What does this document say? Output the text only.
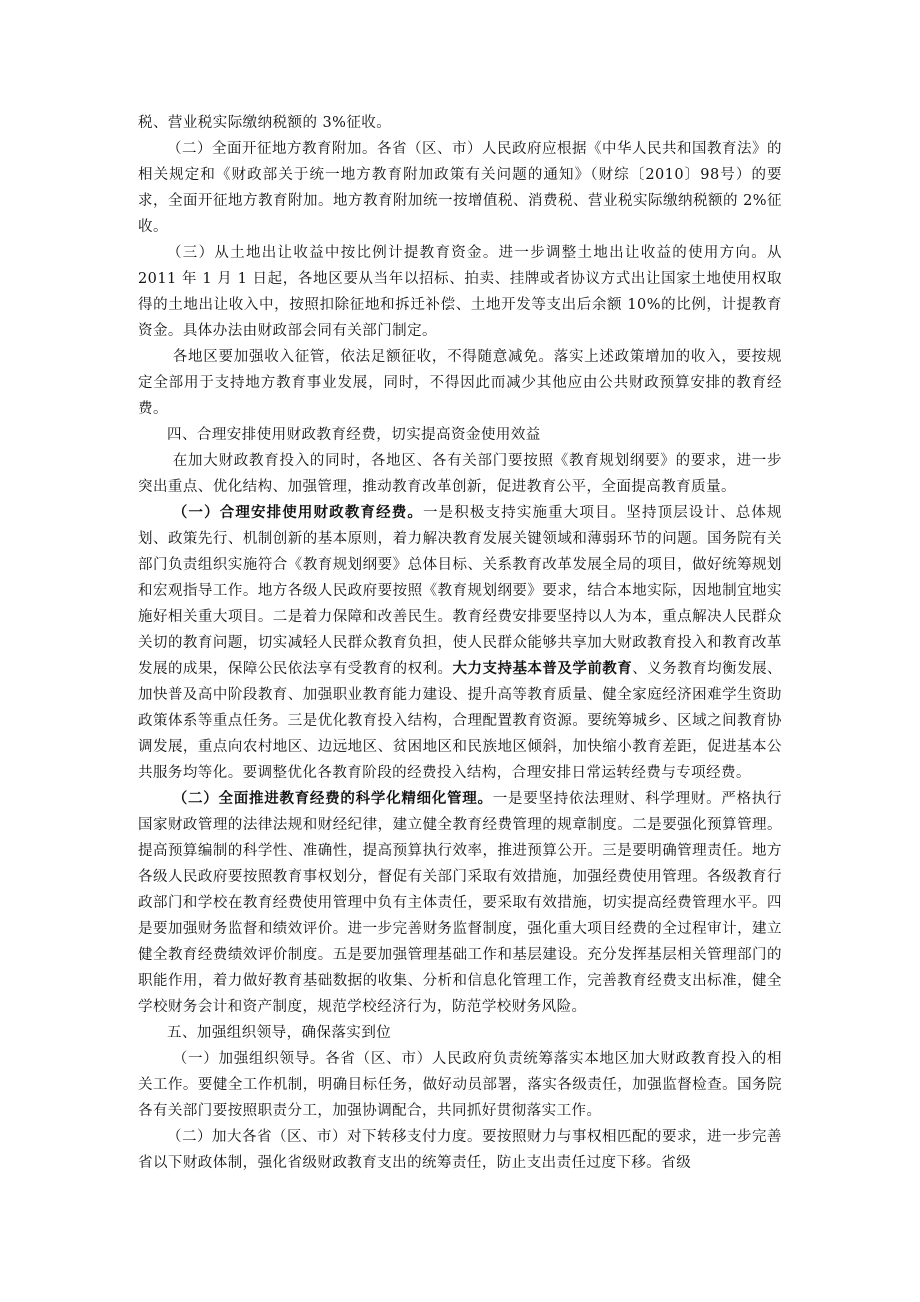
税、营业税实际缴纳税额的 3%征收。

（二）全面开征地方教育附加。各省（区、市）人民政府应根据《中华人民共和国教育法》的相关规定和《财政部关于统一地方教育附加政策有关问题的通知》（财综〔2010〕98号）的要求，全面开征地方教育附加。地方教育附加统一按增值税、消费税、营业税实际缴纳税额的 2%征收。

（三）从土地出让收益中按比例计提教育资金。进一步调整土地出让收益的使用方向。从 2011 年 1 月 1 日起，各地区要从当年以招标、拍卖、挂牌或者协议方式出让国家土地使用权取得的土地出让收入中，按照扣除征地和拆迁补偿、土地开发等支出后余额 10%的比例，计提教育资金。具体办法由财政部会同有关部门制定。

各地区要加强收入征管，依法足额征收，不得随意减免。落实上述政策增加的收入，要按规定全部用于支持地方教育事业发展，同时，不得因此而减少其他应由公共财政预算安排的教育经费。

四、合理安排使用财政教育经费，切实提高资金使用效益

在加大财政教育投入的同时，各地区、各有关部门要按照《教育规划纲要》的要求，进一步突出重点、优化结构、加强管理，推动教育改革创新，促进教育公平，全面提高教育质量。

（一）合理安排使用财政教育经费。一是积极支持实施重大项目。坚持顶层设计、总体规划、政策先行、机制创新的基本原则，着力解决教育发展关键领域和薄弱环节的问题。国务院有关部门负责组织实施符合《教育规划纲要》总体目标、关系教育改革发展全局的项目，做好统筹规划和宏观指导工作。地方各级人民政府要按照《教育规划纲要》要求，结合本地实际，因地制宜地实施好相关重大项目。二是着力保障和改善民生。教育经费安排要坚持以人为本，重点解决人民群众关切的教育问题，切实减轻人民群众教育负担，使人民群众能够共享加大财政教育投入和教育改革发展的成果，保障公民依法享有受教育的权利。大力支持基本普及学前教育、义务教育均衡发展、加快普及高中阶段教育、加强职业教育能力建设、提升高等教育质量、健全家庭经济困难学生资助政策体系等重点任务。三是优化教育投入结构，合理配置教育资源。要统筹城乡、区域之间教育协调发展，重点向农村地区、边远地区、贫困地区和民族地区倾斜，加快缩小教育差距，促进基本公共服务均等化。要调整优化各教育阶段的经费投入结构，合理安排日常运转经费与专项经费。

（二）全面推进教育经费的科学化精细化管理。一是要坚持依法理财、科学理财。严格执行国家财政管理的法律法规和财经纪律，建立健全教育经费管理的规章制度。二是要强化预算管理。提高预算编制的科学性、准确性，提高预算执行效率，推进预算公开。三是要明确管理责任。地方各级人民政府要按照教育事权划分，督促有关部门采取有效措施，加强经费使用管理。各级教育行政部门和学校在教育经费使用管理中负有主体责任，要采取有效措施，切实提高经费管理水平。四是要加强财务监督和绩效评价。进一步完善财务监督制度，强化重大项目经费的全过程审计，建立健全教育经费绩效评价制度。五是要加强管理基础工作和基层建设。充分发挥基层相关管理部门的职能作用，着力做好教育基础数据的收集、分析和信息化管理工作，完善教育经费支出标准，健全学校财务会计和资产制度，规范学校经济行为，防范学校财务风险。

五、加强组织领导，确保落实到位

（一）加强组织领导。各省（区、市）人民政府负责统筹落实本地区加大财政教育投入的相关工作。要健全工作机制，明确目标任务，做好动员部署，落实各级责任，加强监督检查。国务院各有关部门要按照职责分工，加强协调配合，共同抓好贯彻落实工作。

（二）加大各省（区、市）对下转移支付力度。要按照财力与事权相匹配的要求，进一步完善省以下财政体制，强化省级财政教育支出的统筹责任，防止支出责任过度下移。省级
